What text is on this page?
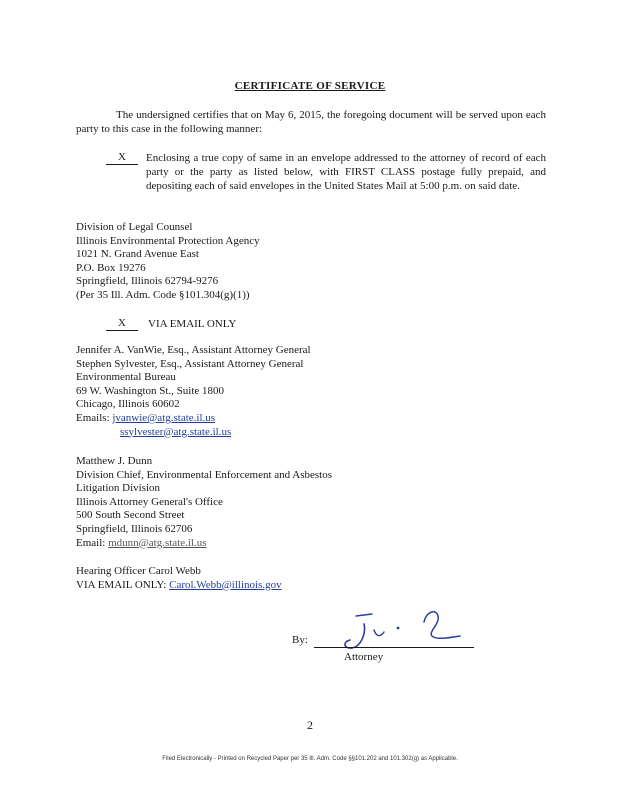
CERTIFICATE OF SERVICE
The undersigned certifies that on May 6, 2015, the foregoing document will be served upon each party to this case in the following manner:
X	Enclosing a true copy of same in an envelope addressed to the attorney of record of each party or the party as listed below, with FIRST CLASS postage fully prepaid, and depositing each of said envelopes in the United States Mail at 5:00 p.m. on said date.
Division of Legal Counsel
Illinois Environmental Protection Agency
1021 N. Grand Avenue East
P.O. Box 19276
Springfield, Illinois 62794-9276
(Per 35 Ill. Adm. Code §101.304(g)(1))
X	VIA EMAIL ONLY
Jennifer A. VanWie, Esq., Assistant Attorney General
Stephen Sylvester, Esq., Assistant Attorney General
Environmental Bureau
69 W. Washington St., Suite 1800
Chicago, Illinois 60602
Emails: jvanwie@atg.state.il.us
ssylvester@atg.state.il.us
Matthew J. Dunn
Division Chief, Environmental Enforcement and Asbestos
Litigation Division
Illinois Attorney General's Office
500 South Second Street
Springfield, Illinois 62706
Email: mdunn@atg.state.il.us
Hearing Officer Carol Webb
VIA EMAIL ONLY: Carol.Webb@illinois.gov
By:
Attorney
2
Filed Electronically - Printed on Recycled Paper per 35 Ill. Adm. Code §§101.202 and 101.302(g) as Applicable.
